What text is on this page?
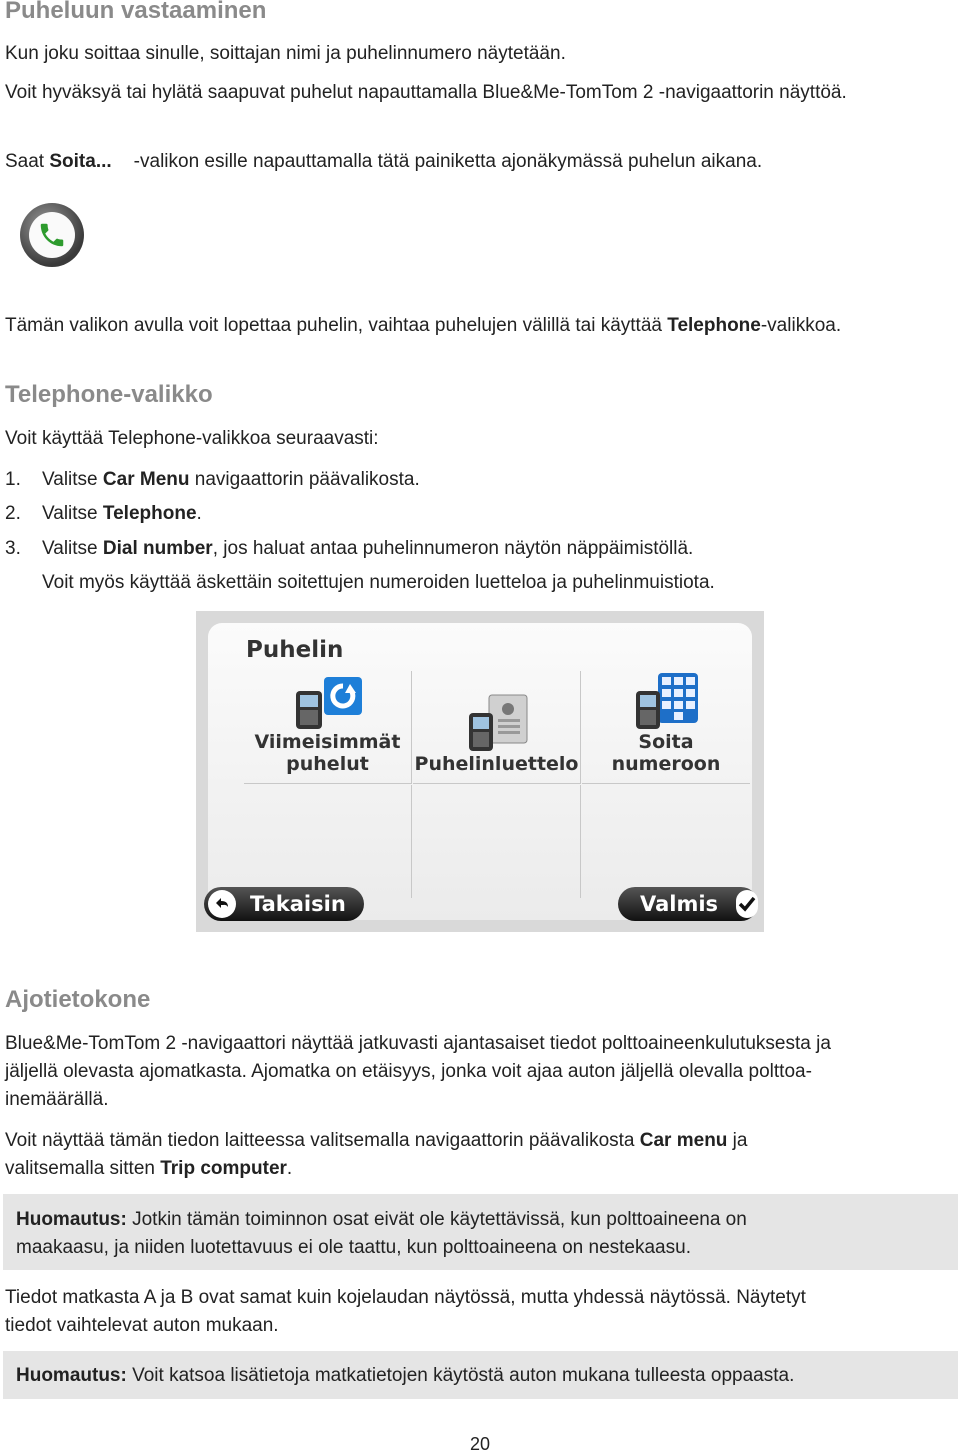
Puheluun vastaaminen
Kun joku soittaa sinulle, soittajan nimi ja puhelinnumero näytetään.
Voit hyväksyä tai hylätä saapuvat puhelut napauttamalla Blue&Me-TomTom 2 -navigaattorin näyttöä.
Saat Soita... -valikon esille napauttamalla tätä painiketta ajonäkymässä puhelun aikana.
Tämän valikon avulla voit lopettaa puhelin, vaihtaa puhelujen välillä tai käyttää Telephone-valikkoa.
Telephone-valikko
Voit käyttää Telephone-valikkoa seuraavasti:
1. Valitse Car Menu navigaattorin päävalikosta.
2. Valitse Telephone.
3. Valitse Dial number, jos haluat antaa puhelinnumeron näytön näppäimistöllä.
Voit myös käyttää äskettäin soitettujen numeroiden luetteloa ja puhelinmuistiota.
Puhelin
Viimeisimmät
puhelut	Puhelinluettelo
Soita
numeroon
Takaisin	Valmis
Ajotietokone
Blue&Me-TomTom 2 -navigaattori näyttää jatkuvasti ajantasaiset tiedot polttoaineenkulutuksesta ja
jäljellä olevasta ajomatkasta. Ajomatka on etäisyys, jonka voit ajaa auton jäljellä olevalla polttoa-
inemäärällä.
Voit näyttää tämän tiedon laitteessa valitsemalla navigaattorin päävalikosta Car menu ja
valitsemalla sitten Trip computer.
Huomautus: Jotkin tämän toiminnon osat eivät ole käytettävissä, kun polttoaineena on
maakaasu, ja niiden luotettavuus ei ole taattu, kun polttoaineena on nestekaasu.
Tiedot matkasta A ja B ovat samat kuin kojelaudan näytössä, mutta yhdessä näytössä. Näytetyt
tiedot vaihtelevat auton mukaan.
Huomautus: Voit katsoa lisätietoja matkatietojen käytöstä auton mukana tulleesta oppaasta.
20
